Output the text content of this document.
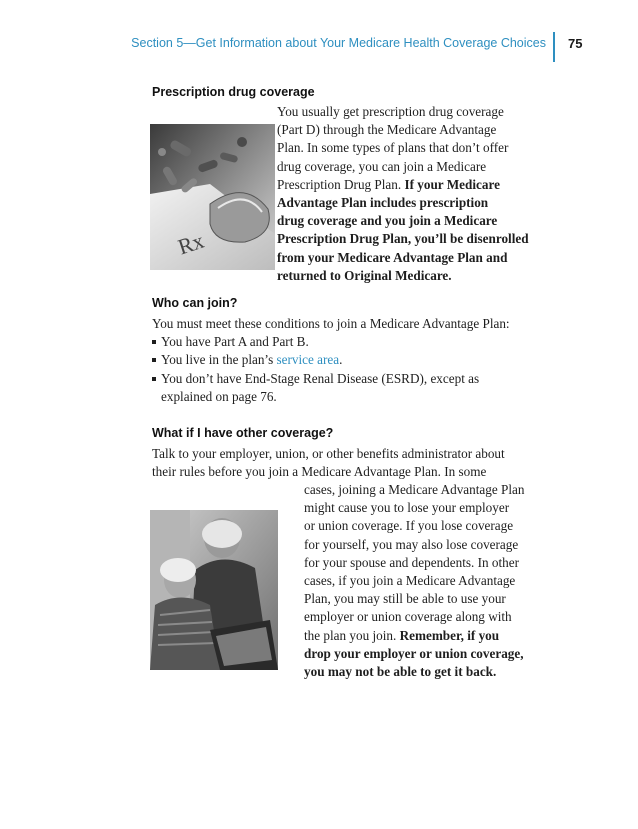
Section 5—Get Information about Your Medicare Health Coverage Choices 75
Prescription drug coverage
Rx
You usually get prescription drug coverage
(Part D) through the Medicare Advantage
Plan. In some types of plans that don’t offer
drug coverage, you can join a Medicare
Prescription Drug Plan. If your Medicare
Advantage Plan includes prescription
drug coverage and you join a Medicare
Prescription Drug Plan, you’ll be disenrolled
from your Medicare Advantage Plan and
returned to Original Medicare.
Who can join?
You must meet these conditions to join a Medicare Advantage Plan:
You have Part A and Part B.
You live in the plan’s service area.
You don’t have End-Stage Renal Disease (ESRD), except as
explained on page 76.
What if I have other coverage?
Talk to your employer, union, or other benefits administrator about
their rules before you join a Medicare Advantage Plan. In some
cases, joining a Medicare Advantage Plan
might cause you to lose your employer
or union coverage. If you lose coverage
for yourself, you may also lose coverage
for your spouse and dependents. In other
cases, if you join a Medicare Advantage
Plan, you may still be able to use your
employer or union coverage along with
the plan you join. Remember, if you
drop your employer or union coverage,
you may not be able to get it back.
